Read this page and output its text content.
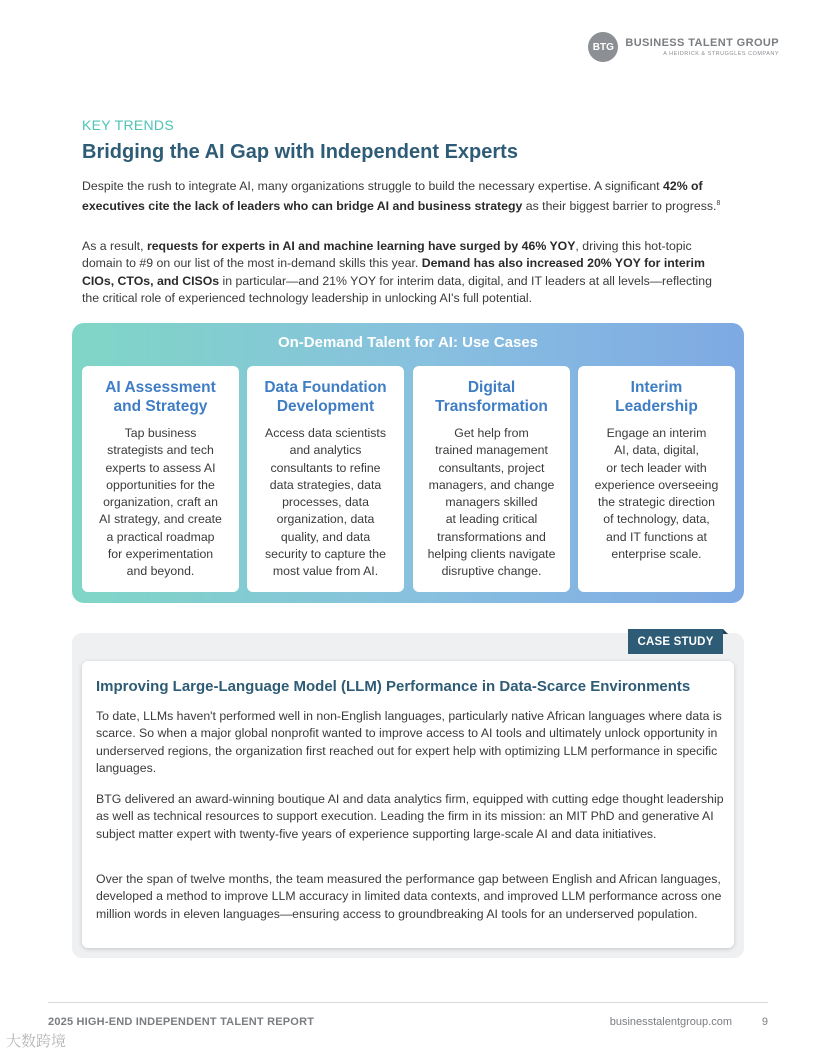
BTG	BUSINESS TALENT GROUP
A HEIDRICK & STRUGGLES COMPANY
KEY TRENDS
Bridging the AI Gap with Independent Experts

Despite the rush to integrate AI, many organizations struggle to build the necessary expertise. A significant 42% of executives cite the lack of leaders who can bridge AI and business strategy as their biggest barrier to progress.$^8$

As a result, requests for experts in AI and machine learning have surged by 46% YOY, driving this hot-topic domain to #9 on our list of the most in-demand skills this year. Demand has also increased 20% YOY for interim CIOs, CTOs, and CISOs in particular—and 21% YOY for interim data, digital, and IT leaders at all levels—reflecting the critical role of experienced technology leadership in unlocking AI's full potential.

On-Demand Talent for AI: Use Cases
AI Assessment
and Strategy

Tap business
strategists and tech
experts to assess AI
opportunities for the
organization, craft an
AI strategy, and create
a practical roadmap
for experimentation
and beyond.

Data Foundation
Development

Access data scientists
and analytics
consultants to refine
data strategies, data
processes, data
organization, data
quality, and data
security to capture the
most value from AI.

Digital
Transformation

Get help from
trained management
consultants, project
managers, and change
managers skilled
at leading critical
transformations and
helping clients navigate
disruptive change.

Interim
Leadership

Engage an interim
AI, data, digital,
or tech leader with
experience overseeing
the strategic direction
of technology, data,
and IT functions at
enterprise scale.

Improving Large-Language Model (LLM) Performance in Data-Scarce Environments

To date, LLMs haven't performed well in non-English languages, particularly native African languages where data is scarce. So when a major global nonprofit wanted to improve access to AI tools and ultimately unlock opportunity in underserved regions, the organization first reached out for expert help with optimizing LLM performance in specific languages.

BTG delivered an award-winning boutique AI and data analytics firm, equipped with cutting edge thought leadership as well as technical resources to support execution. Leading the firm in its mission: an MIT PhD and generative AI subject matter expert with twenty-five years of experience supporting large-scale AI and data initiatives.

Over the span of twelve months, the team measured the performance gap between English and African languages, developed a method to improve LLM accuracy in limited data contexts, and improved LLM performance across one million words in eleven languages—ensuring access to groundbreaking AI tools for an underserved population.

CASE STUDY
2025 HIGH-END INDEPENDENT TALENT REPORT	businesstalentgroup.com	9
大数跨境
